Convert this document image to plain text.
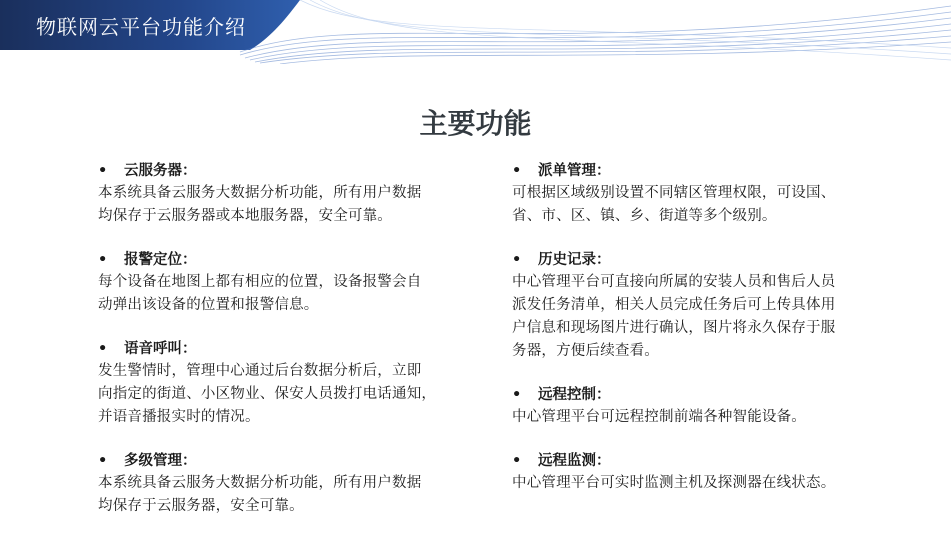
物联网云平台功能介绍
主要功能
• 云服务器：
本系统具备云服务大数据分析功能，所有用户数据
均保存于云服务器或本地服务器，安全可靠。
• 报警定位：
每个设备在地图上都有相应的位置，设备报警会自
动弹出该设备的位置和报警信息。
• 语音呼叫：
发生警情时，管理中心通过后台数据分析后，立即
向指定的街道、小区物业、保安人员拨打电话通知，
并语音播报实时的情况。
• 多级管理：
本系统具备云服务大数据分析功能，所有用户数据
均保存于云服务器，安全可靠。
• 派单管理：
可根据区域级别设置不同辖区管理权限，可设国、
省、市、区、镇、乡、街道等多个级别。
• 历史记录：
中心管理平台可直接向所属的安装人员和售后人员
派发任务清单，相关人员完成任务后可上传具体用
户信息和现场图片进行确认，图片将永久保存于服
务器，方便后续查看。
• 远程控制：
中心管理平台可远程控制前端各种智能设备。
• 远程监测：
中心管理平台可实时监测主机及探测器在线状态。
